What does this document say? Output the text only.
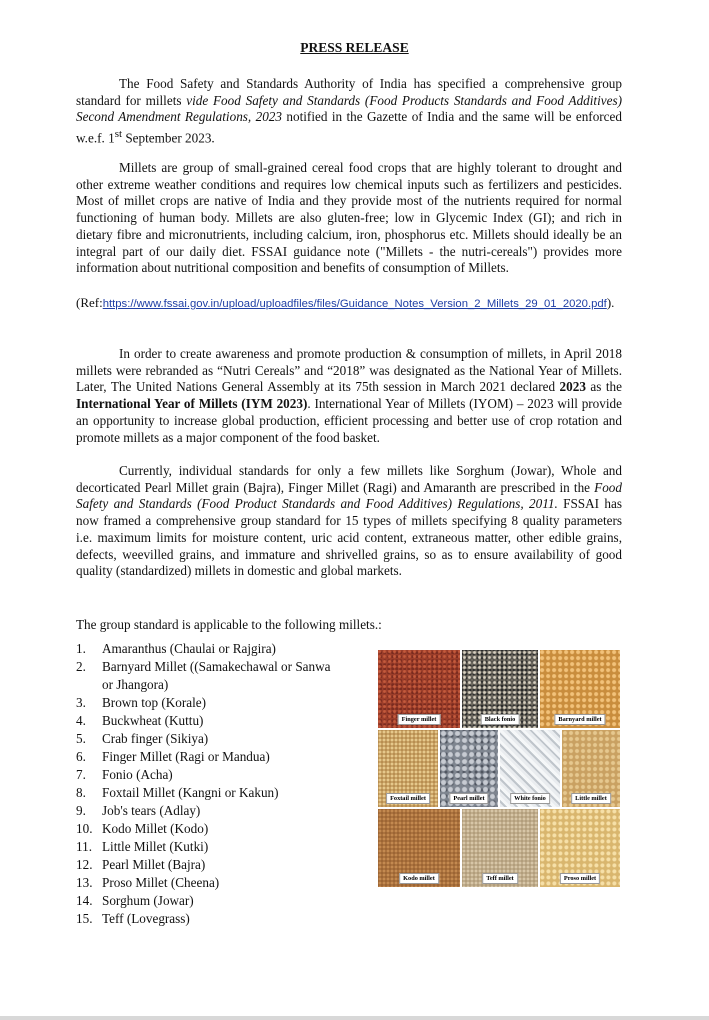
PRESS RELEASE

The Food Safety and Standards Authority of India has specified a comprehensive group standard for millets vide Food Safety and Standards (Food Products Standards and Food Additives) Second Amendment Regulations, 2023 notified in the Gazette of India and the same will be enforced w.e.f. 1st September 2023.

Millets are group of small-grained cereal food crops that are highly tolerant to drought and other extreme weather conditions and requires low chemical inputs such as fertilizers and pesticides. Most of millet crops are native of India and they provide most of the nutrients required for normal functioning of human body. Millets are also gluten-free; low in Glycemic Index (GI); and rich in dietary fibre and micronutrients, including calcium, iron, phosphorus etc. Millets should ideally be an integral part of our daily diet. FSSAI guidance note ("Millets - the nutri-cereals") provides more information about nutritional composition and benefits of consumption of Millets.

(Ref:https://www.fssai.gov.in/upload/uploadfiles/files/Guidance_Notes_Version_2_Millets_29_01_2020.pdf).

In order to create awareness and promote production & consumption of millets, in April 2018 millets were rebranded as “Nutri Cereals” and “2018” was designated as the National Year of Millets. Later, The United Nations General Assembly at its 75th session in March 2021 declared 2023 as the International Year of Millets (IYM 2023). International Year of Millets (IYOM) – 2023 will provide an opportunity to increase global production, efficient processing and better use of crop rotation and promote millets as a major component of the food basket.

Currently, individual standards for only a few millets like Sorghum (Jowar), Whole and decorticated Pearl Millet grain (Bajra), Finger Millet (Ragi) and Amaranth are prescribed in the Food Safety and Standards (Food Product Standards and Food Additives) Regulations, 2011. FSSAI has now framed a comprehensive group standard for 15 types of millets specifying 8 quality parameters i.e. maximum limits for moisture content, uric acid content, extraneous matter, other edible grains, defects, weevilled grains, and immature and shrivelled grains, so as to ensure availability of good quality (standardized) millets in domestic and global markets.

The group standard is applicable to the following millets.:

1.	Amaranthus (Chaulai or Rajgira)
2.	Barnyard Millet ((Samakechawal or Sanwa or Jhangora)
3.	Brown top (Korale)
4.	Buckwheat (Kuttu)
5.	Crab finger (Sikiya)
6.	Finger Millet (Ragi or Mandua)
7.	Fonio (Acha)
8.	Foxtail Millet (Kangni or Kakun)
9.	Job's tears (Adlay)
10. Kodo Millet (Kodo)
11. Little Millet (Kutki)
12. Pearl Millet (Bajra)
13. Proso Millet (Cheena)
14. Sorghum (Jowar)
15. Teff (Lovegrass)
Finger millet	Black fonio	Barnyard millet
Foxtail millet	Pearl millet	White fonio	Little millet
Kodo millet	Teff millet	Proso millet
